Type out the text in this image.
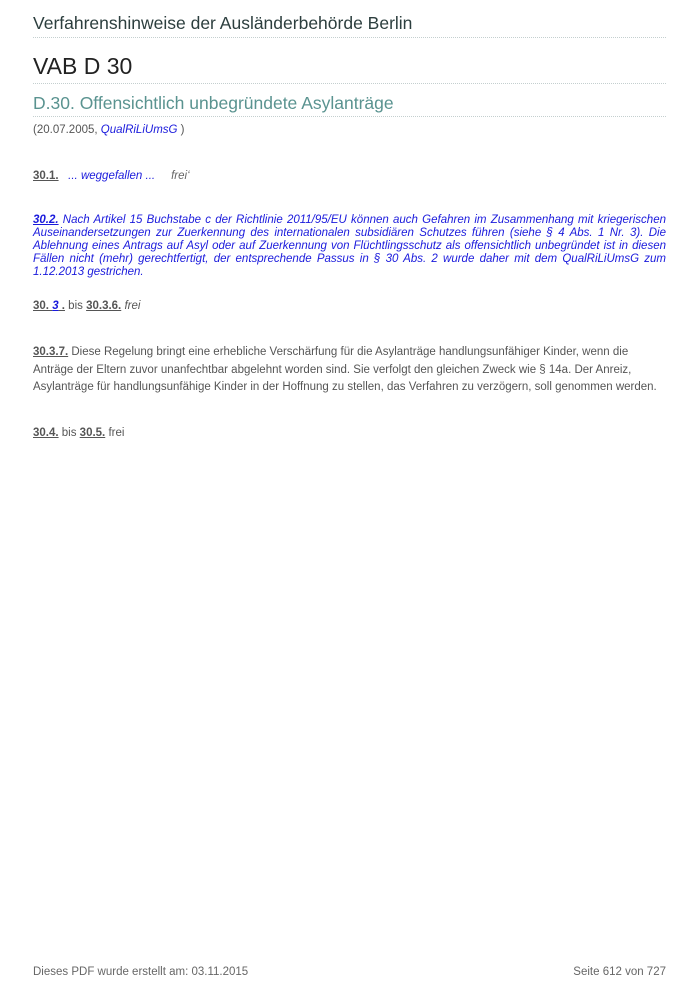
Verfahrenshinweise der Ausländerbehörde Berlin
VAB D 30
D.30. Offensichtlich unbegründete Asylanträge
(20.07.2005, QualRiLiUmsG )
30.1. ... weggefallen ... frei‘
30.2. Nach Artikel 15 Buchstabe c der Richtlinie 2011/95/EU können auch Gefahren im Zusammenhang mit kriegerischen Auseinandersetzungen zur Zuerkennung des internationalen subsidiären Schutzes führen (siehe § 4 Abs. 1 Nr. 3). Die Ablehnung eines Antrags auf Asyl oder auf Zuerkennung von Flüchtlingsschutz als offensichtlich unbegründet ist in diesen Fällen nicht (mehr) gerechtfertigt, der entsprechende Passus in § 30 Abs. 2 wurde daher mit dem QualRiLiUmsG zum 1.12.2013 gestrichen.
30. 3 . bis 30.3.6. frei
30.3.7. Diese Regelung bringt eine erhebliche Verschärfung für die Asylanträge handlungsunfähiger Kinder, wenn die Anträge der Eltern zuvor unanfechtbar abgelehnt worden sind. Sie verfolgt den gleichen Zweck wie § 14a. Der Anreiz, Asylanträge für handlungsunfähige Kinder in der Hoffnung zu stellen, das Verfahren zu verzögern, soll genommen werden.
30.4. bis 30.5. frei
Dieses PDF wurde erstellt am: 03.11.2015	Seite 612 von 727
